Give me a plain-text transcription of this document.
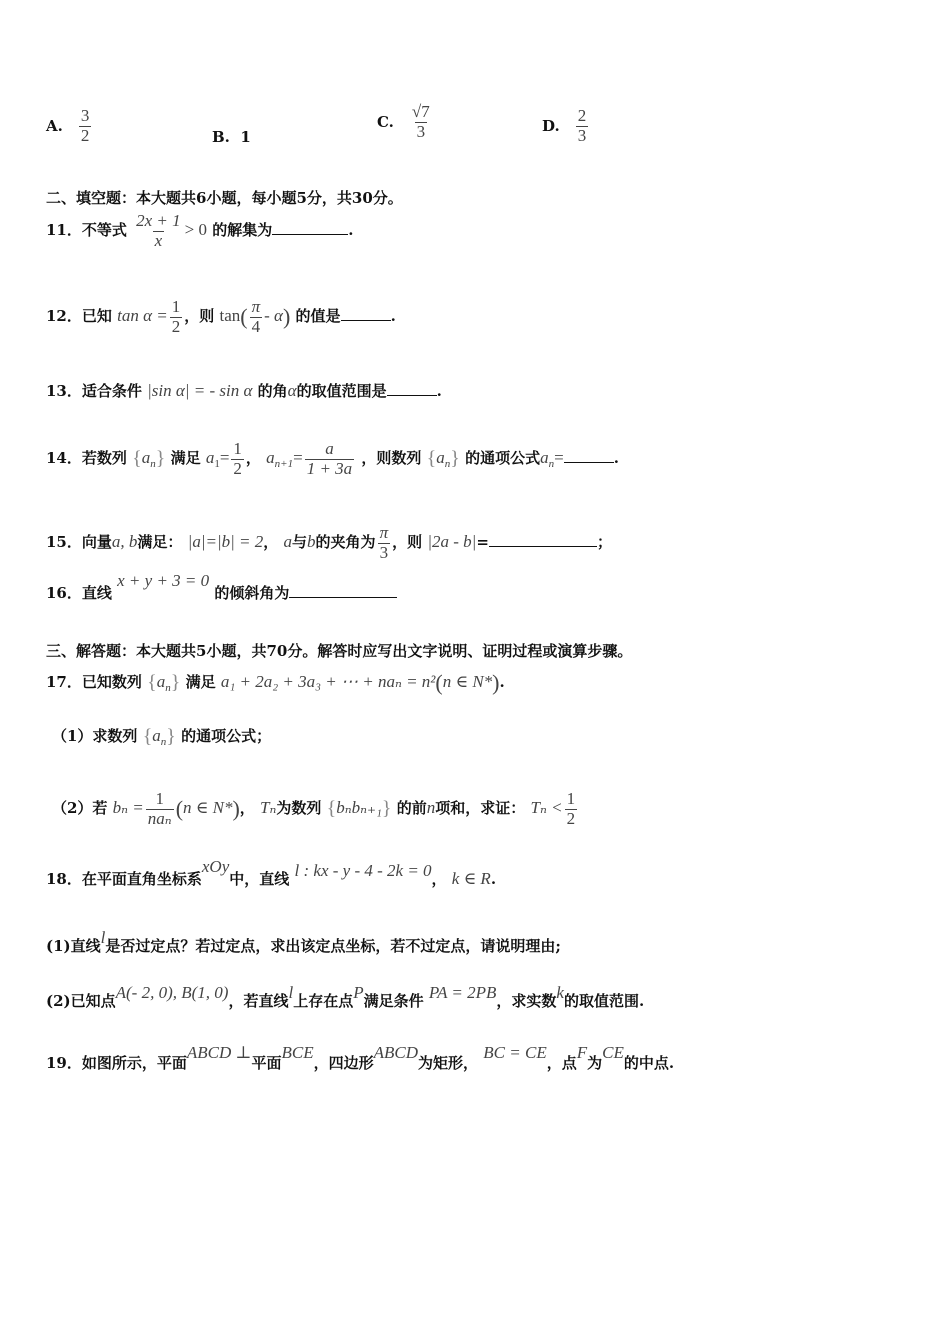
A. $\frac{3}{2}$	B. 1
C. $\frac{√7}{3}$	D. $\frac{2}{3}$
二、填空题：本大题共6小题，每小题5分，共30分。
11．不等式 $\frac{2x + 1}{x} > 0$ 的解集为	.
12．已知 $\tan \alpha = \frac{1}{2}$ ，则 $\tan( \frac{\pi}{4} - \alpha)$ 的值是	.
13．适合条件 |sin α| = - sin α 的角α的取值范围是	.
14．若数列 $\{a_n\}$ 满足 $a_1= \frac{1}{2}$ ， $a_{n+1}= \frac{a}{1 + 3a}$ ，则数列 $\{a_n\}$ 的通项公式$a_n=$	.
15．向量a, b满足： |a|=|b| = 2， a与b的夹角为 $\frac{\pi}{3}$ ，则 |2a - b|=	；
16．直线 x + y + 3 = 0 的倾斜角为
三、解答题：本大题共5小题，共70分。解答时应写出文字说明、证明过程或演算步骤。
17．已知数列 $\{a_n\}$ 满足 a₁ + 2a₂ + 3a₃ + ⋯ + naₙ = n²(n ∈ N*).
（1）求数列 $\{a_n\}$ 的通项公式；
（2）若 $b_n = \frac{1}{\text{naₙ}} (n$ ∈ N*)， Tₙ为数列 {bₙbₙ₊₁} 的前n项和，求证： $T_n < \frac{1}{2}$
18．在平面直角坐标系xOy中，直线 l : kx - y - 4 - 2k = 0， k ∈ R.
(1)直线l是否过定点？若过定点，求出该定点坐标，若不过定点，请说明理由;
(2)已知点A(- 2, 0), B(1, 0)，若直线l上存在点P满足条件 PA = 2PB，求实数k的取值范围.
19．如图所示，平面ABCD ⊥平面BCE，四边形ABCD为矩形， BC = CE，点F为CE的中点.
